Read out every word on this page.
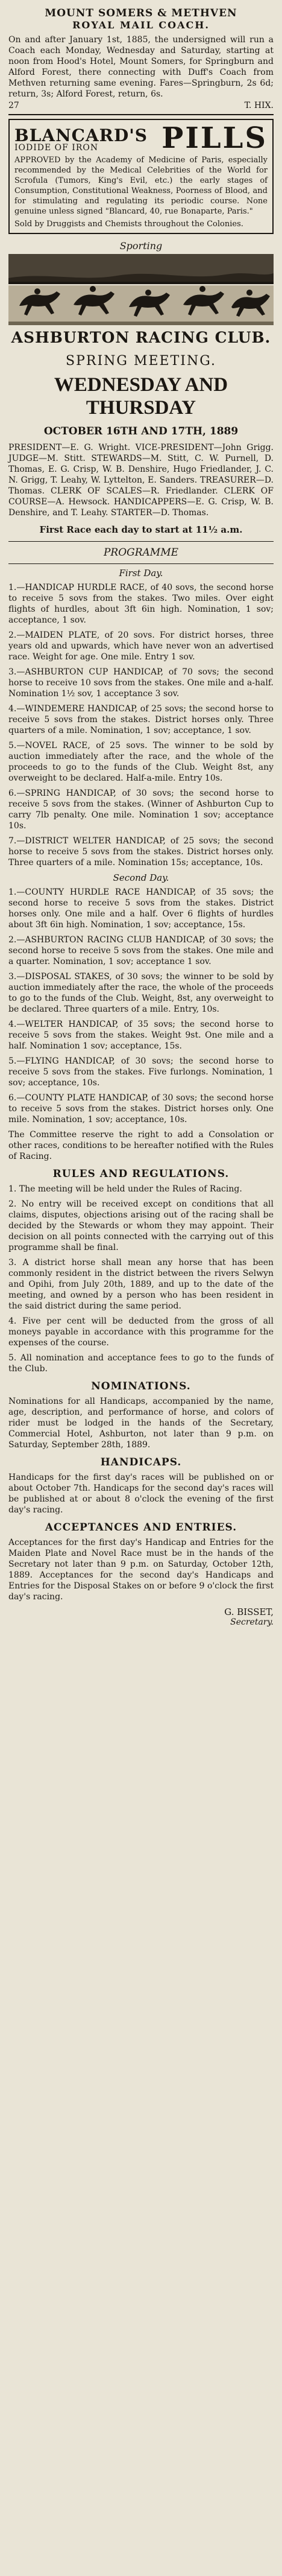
MOUNT SOMERS & METHVEN
ROYAL MAIL COACH.
On and after January 1st, 1885, the undersigned will run a Coach each Monday, Wednesday and Saturday, starting at noon from Hood's Hotel, Mount Somers, for Springburn and Alford Forest, there connecting with Duff's Coach from Methven returning same evening. Fares—Springburn, 2s 6d; return, 3s; Alford Forest, return, 6s.
27	T. HIX.
BLANCARD'S
IODIDE OF IRON	PILLS
APPROVED by the Academy of Medicine of Paris, especially recommended by the Medical Celebrities of the World for Scrofula (Tumors, King's Evil, etc.) the early stages of Consumption, Constitutional Weakness, Poorness of Blood, and for stimulating and regulating its periodic course. None genuine unless signed "Blancard, 40, rue Bonaparte, Paris."
Sold by Druggists and Chemists throughout the Colonies.
Sporting
ASHBURTON RACING CLUB.
SPRING MEETING.
WEDNESDAY AND THURSDAY
OCTOBER 16TH AND 17TH, 1889
PRESIDENT—E. G. Wright. VICE-PRESIDENT—John Grigg. JUDGE—M. Stitt. STEWARDS—M. Stitt, C. W. Purnell, D. Thomas, E. G. Crisp, W. B. Denshire, Hugo Friedlander, J. C. N. Grigg, T. Leahy, W. Lyttelton, E. Sanders. TREASURER—D. Thomas. CLERK OF SCALES—R. Friedlander. CLERK OF COURSE—A. Hewsock. HANDICAPPERS—E. G. Crisp, W. B. Denshire, and T. Leahy. STARTER—D. Thomas.
First Race each day to start at 11½ a.m.
PROGRAMME
First Day.

1.—HANDICAP HURDLE RACE, of 40 sovs, the second horse to receive 5 sovs from the stakes. Two miles. Over eight flights of hurdles, about 3ft 6in high. Nomination, 1 sov; acceptance, 1 sov.

2.—MAIDEN PLATE, of 20 sovs. For district horses, three years old and upwards, which have never won an advertised race. Weight for age. One mile. Entry 1 sov.

3.—ASHBURTON CUP HANDICAP, of 70 sovs; the second horse to receive 10 sovs from the stakes. One mile and a-half. Nomination 1½ sov, 1 acceptance 3 sov.

4.—WINDEMERE HANDICAP, of 25 sovs; the second horse to receive 5 sovs from the stakes. District horses only. Three quarters of a mile. Nomination, 1 sov; acceptance, 1 sov.

5.—NOVEL RACE, of 25 sovs. The winner to be sold by auction immediately after the race, and the whole of the proceeds to go to the funds of the Club. Weight 8st, any overweight to be declared. Half-a-mile. Entry 10s.

6.—SPRING HANDICAP, of 30 sovs; the second horse to receive 5 sovs from the stakes. (Winner of Ashburton Cup to carry 7lb penalty. One mile. Nomination 1 sov; acceptance 10s.

7.—DISTRICT WELTER HANDICAP, of 25 sovs; the second horse to receive 5 sovs from the stakes. District horses only. Three quarters of a mile. Nomination 15s; acceptance, 10s.

Second Day.

1.—COUNTY HURDLE RACE HANDICAP, of 35 sovs; the second horse to receive 5 sovs from the stakes. District horses only. One mile and a half. Over 6 flights of hurdles about 3ft 6in high. Nomination, 1 sov; acceptance, 15s.

2.—ASHBURTON RACING CLUB HANDICAP, of 30 sovs; the second horse to receive 5 sovs from the stakes. One mile and a quarter. Nomination, 1 sov; acceptance 1 sov.

3.—DISPOSAL STAKES, of 30 sovs; the winner to be sold by auction immediately after the race, the whole of the proceeds to go to the funds of the Club. Weight, 8st, any overweight to be declared. Three quarters of a mile. Entry, 10s.

4.—WELTER HANDICAP, of 35 sovs; the second horse to receive 5 sovs from the stakes. Weight 9st. One mile and a half. Nomination 1 sov; acceptance, 15s.

5.—FLYING HANDICAP, of 30 sovs; the second horse to receive 5 sovs from the stakes. Five furlongs. Nomination, 1 sov; acceptance, 10s.

6.—COUNTY PLATE HANDICAP, of 30 sovs; the second horse to receive 5 sovs from the stakes. District horses only. One mile. Nomination, 1 sov; acceptance, 10s.

The Committee reserve the right to add a Consolation or other races, conditions to be hereafter notified with the Rules of Racing.

RULES AND REGULATIONS.

1. The meeting will be held under the Rules of Racing.

2. No entry will be received except on conditions that all claims, disputes, objections arising out of the racing shall be decided by the Stewards or whom they may appoint. Their decision on all points connected with the carrying out of this programme shall be final.

3. A district horse shall mean any horse that has been commonly resident in the district between the rivers Selwyn and Opihi, from July 20th, 1889, and up to the date of the meeting, and owned by a person who has been resident in the said district during the same period.

4. Five per cent will be deducted from the gross of all moneys payable in accordance with this programme for the expenses of the course.

5. All nomination and acceptance fees to go to the funds of the Club.

NOMINATIONS.

Nominations for all Handicaps, accompanied by the name, age, description, and performance of horse, and colors of rider must be lodged in the hands of the Secretary, Commercial Hotel, Ashburton, not later than 9 p.m. on Saturday, September 28th, 1889.

HANDICAPS.

Handicaps for the first day's races will be published on or about October 7th. Handicaps for the second day's races will be published at or about 8 o'clock the evening of the first day's racing.

ACCEPTANCES AND ENTRIES.

Acceptances for the first day's Handicap and Entries for the Maiden Plate and Novel Race must be in the hands of the Secretary not later than 9 p.m. on Saturday, October 12th, 1889. Acceptances for the second day's Handicaps and Entries for the Disposal Stakes on or before 9 o'clock the first day's racing.

G. BISSET,
Secretary.
